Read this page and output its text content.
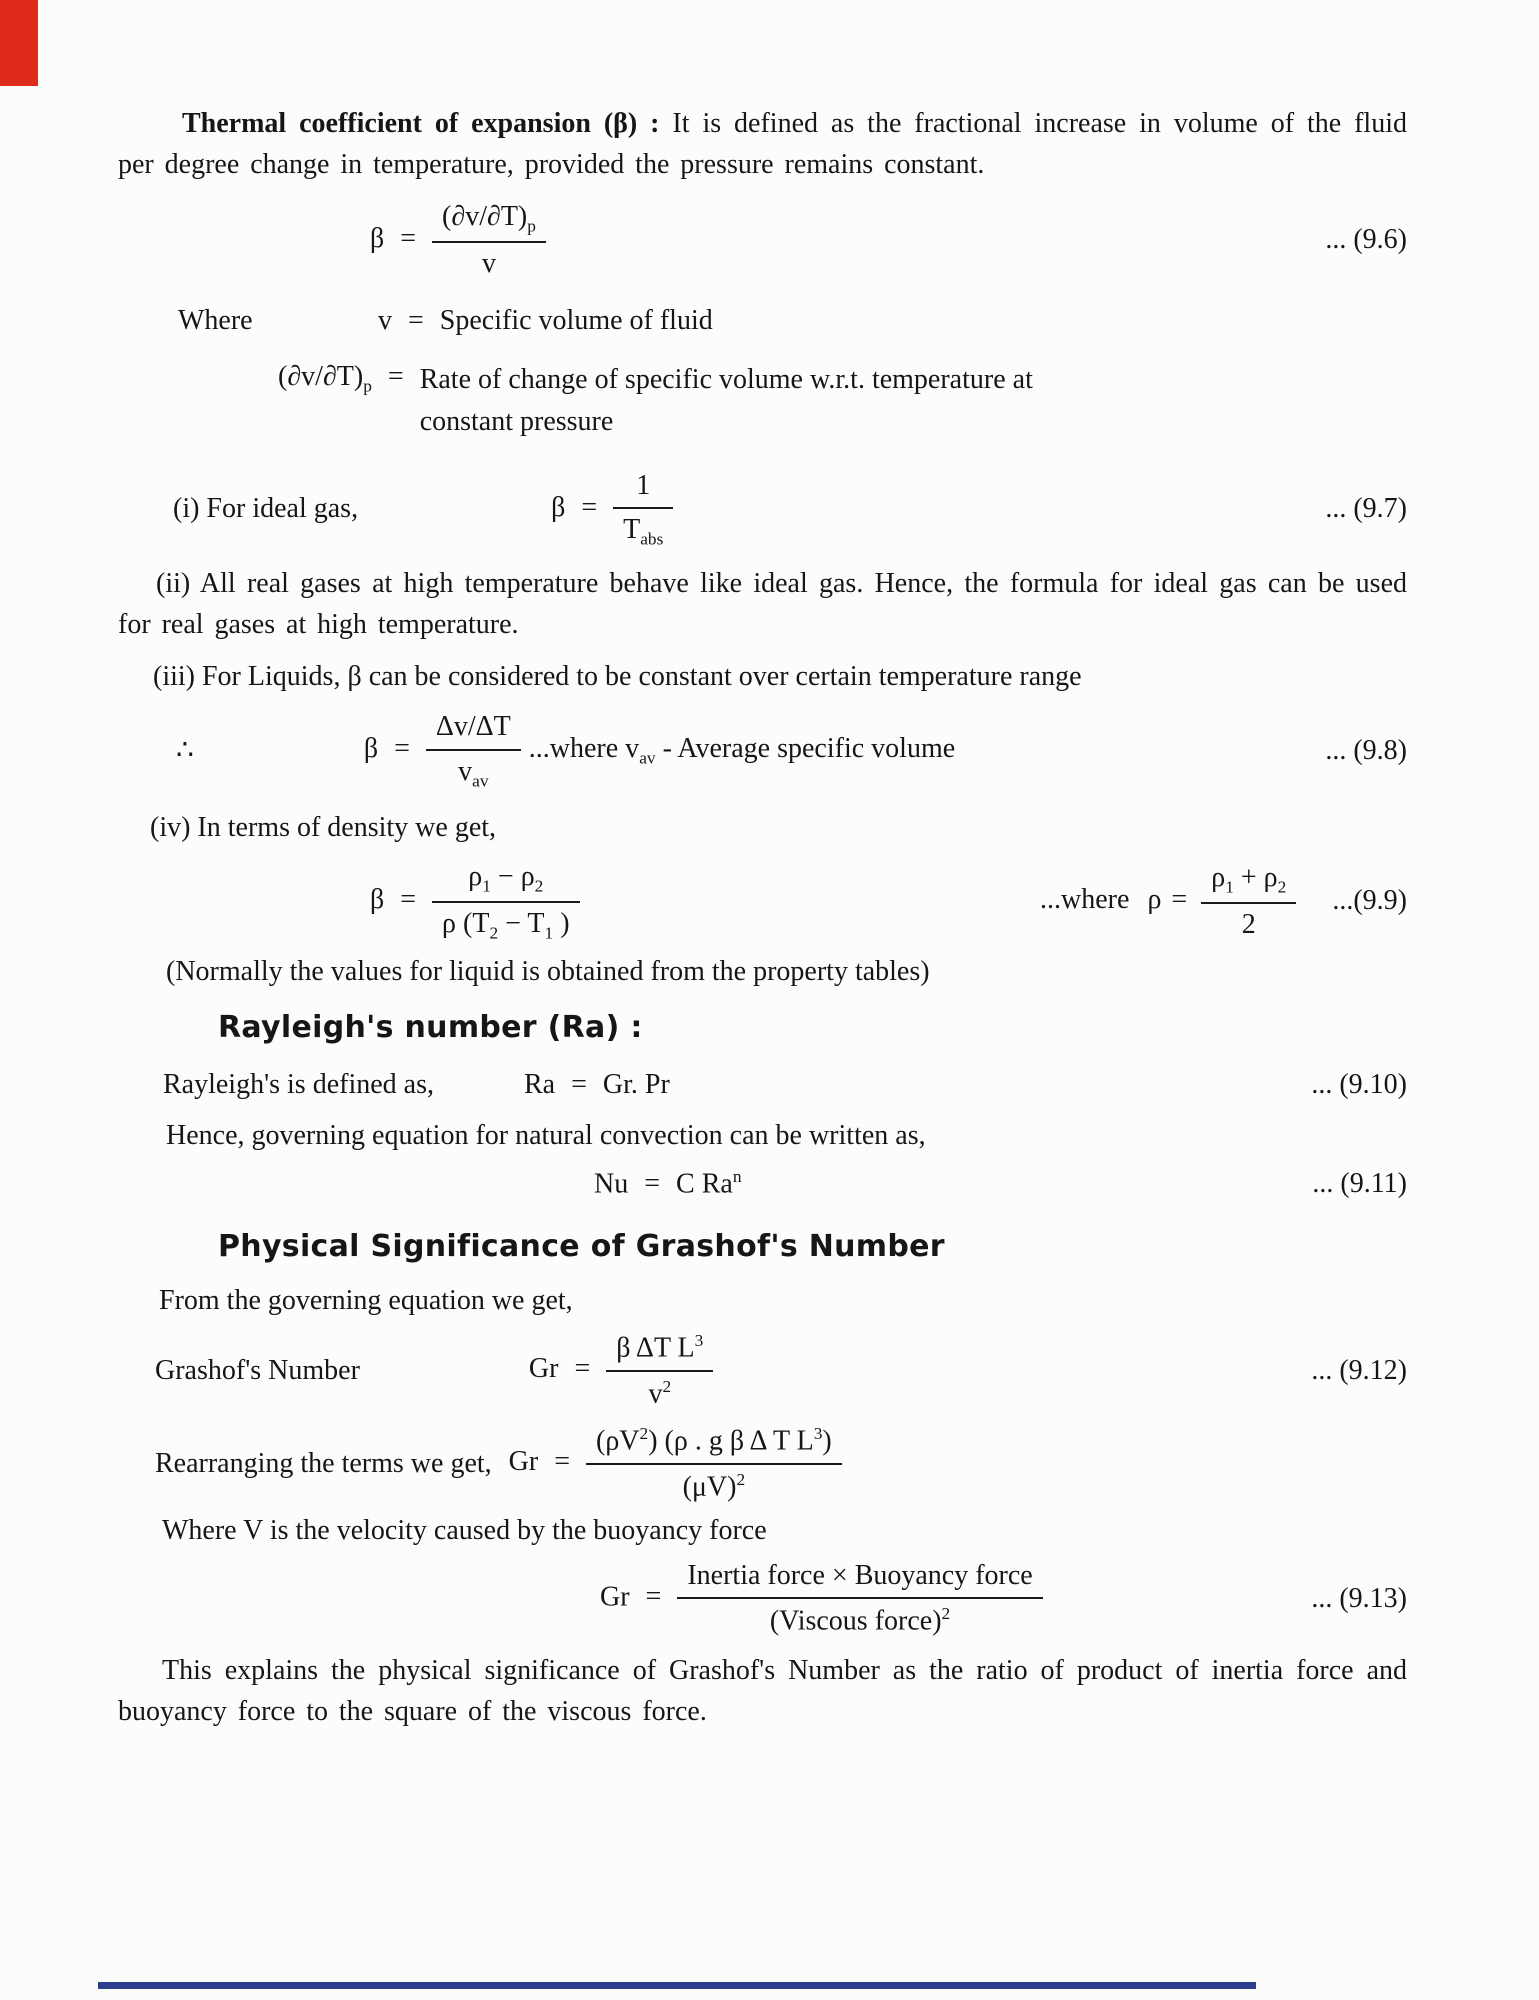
Thermal coefficient of expansion (β) : It is defined as the fractional increase in volume of the fluid per degree change in temperature, provided the pressure remains constant.

$\beta = \frac{(\partial v/\partial T)_p}{v}$	... (9.6)
Where	v = Specific volume of fluid
$(\partial v/\partial T)_p$ = Rate of change of specific volume w.r.t. temperature at
constant pressure
(i) For ideal gas,	$\beta = \frac{1}{T_{abs}}$	... (9.7)

(ii) All real gases at high temperature behave like ideal gas. Hence, the formula for ideal gas can be used for real gases at high temperature.

(iii) For Liquids, β can be considered to be constant over certain temperature range

∴	$\beta = \frac{\Delta v/\Delta T}{v_{av}}$ ...where $v_{av}$ - Average specific volume	... (9.8)

(iv) In terms of density we get,

$\beta = \frac{\rho_1 - \rho_2}{\rho (T_2 - T_1 )}$	...where $\rho = \frac{\rho_1 + \rho_2}{2} ...(9.9)$

(Normally the values for liquid is obtained from the property tables)

Rayleigh's number (Ra) :

Rayleigh's is defined as,	Ra = Gr. Pr	... (9.10)

Hence, governing equation for natural convection can be written as,

Nu = C Ra$^n$	... (9.11)

Physical Significance of Grashof's Number

From the governing equation we get,

Grashof's Number	$Gr = \frac{\beta \Delta T L^3}{v^2}$	... (9.12)
Rearranging the terms we get, $Gr = \frac{(\rho V^2) (\rho . g \beta \Delta T L^3)}{(\mu V)^2}$

Where V is the velocity caused by the buoyancy force

$Gr = \frac{\text{Inertia force × Buoyancy force}}{(Viscous force)^2}$	... (9.13)

This explains the physical significance of Grashof's Number as the ratio of product of inertia force and buoyancy force to the square of the viscous force.
